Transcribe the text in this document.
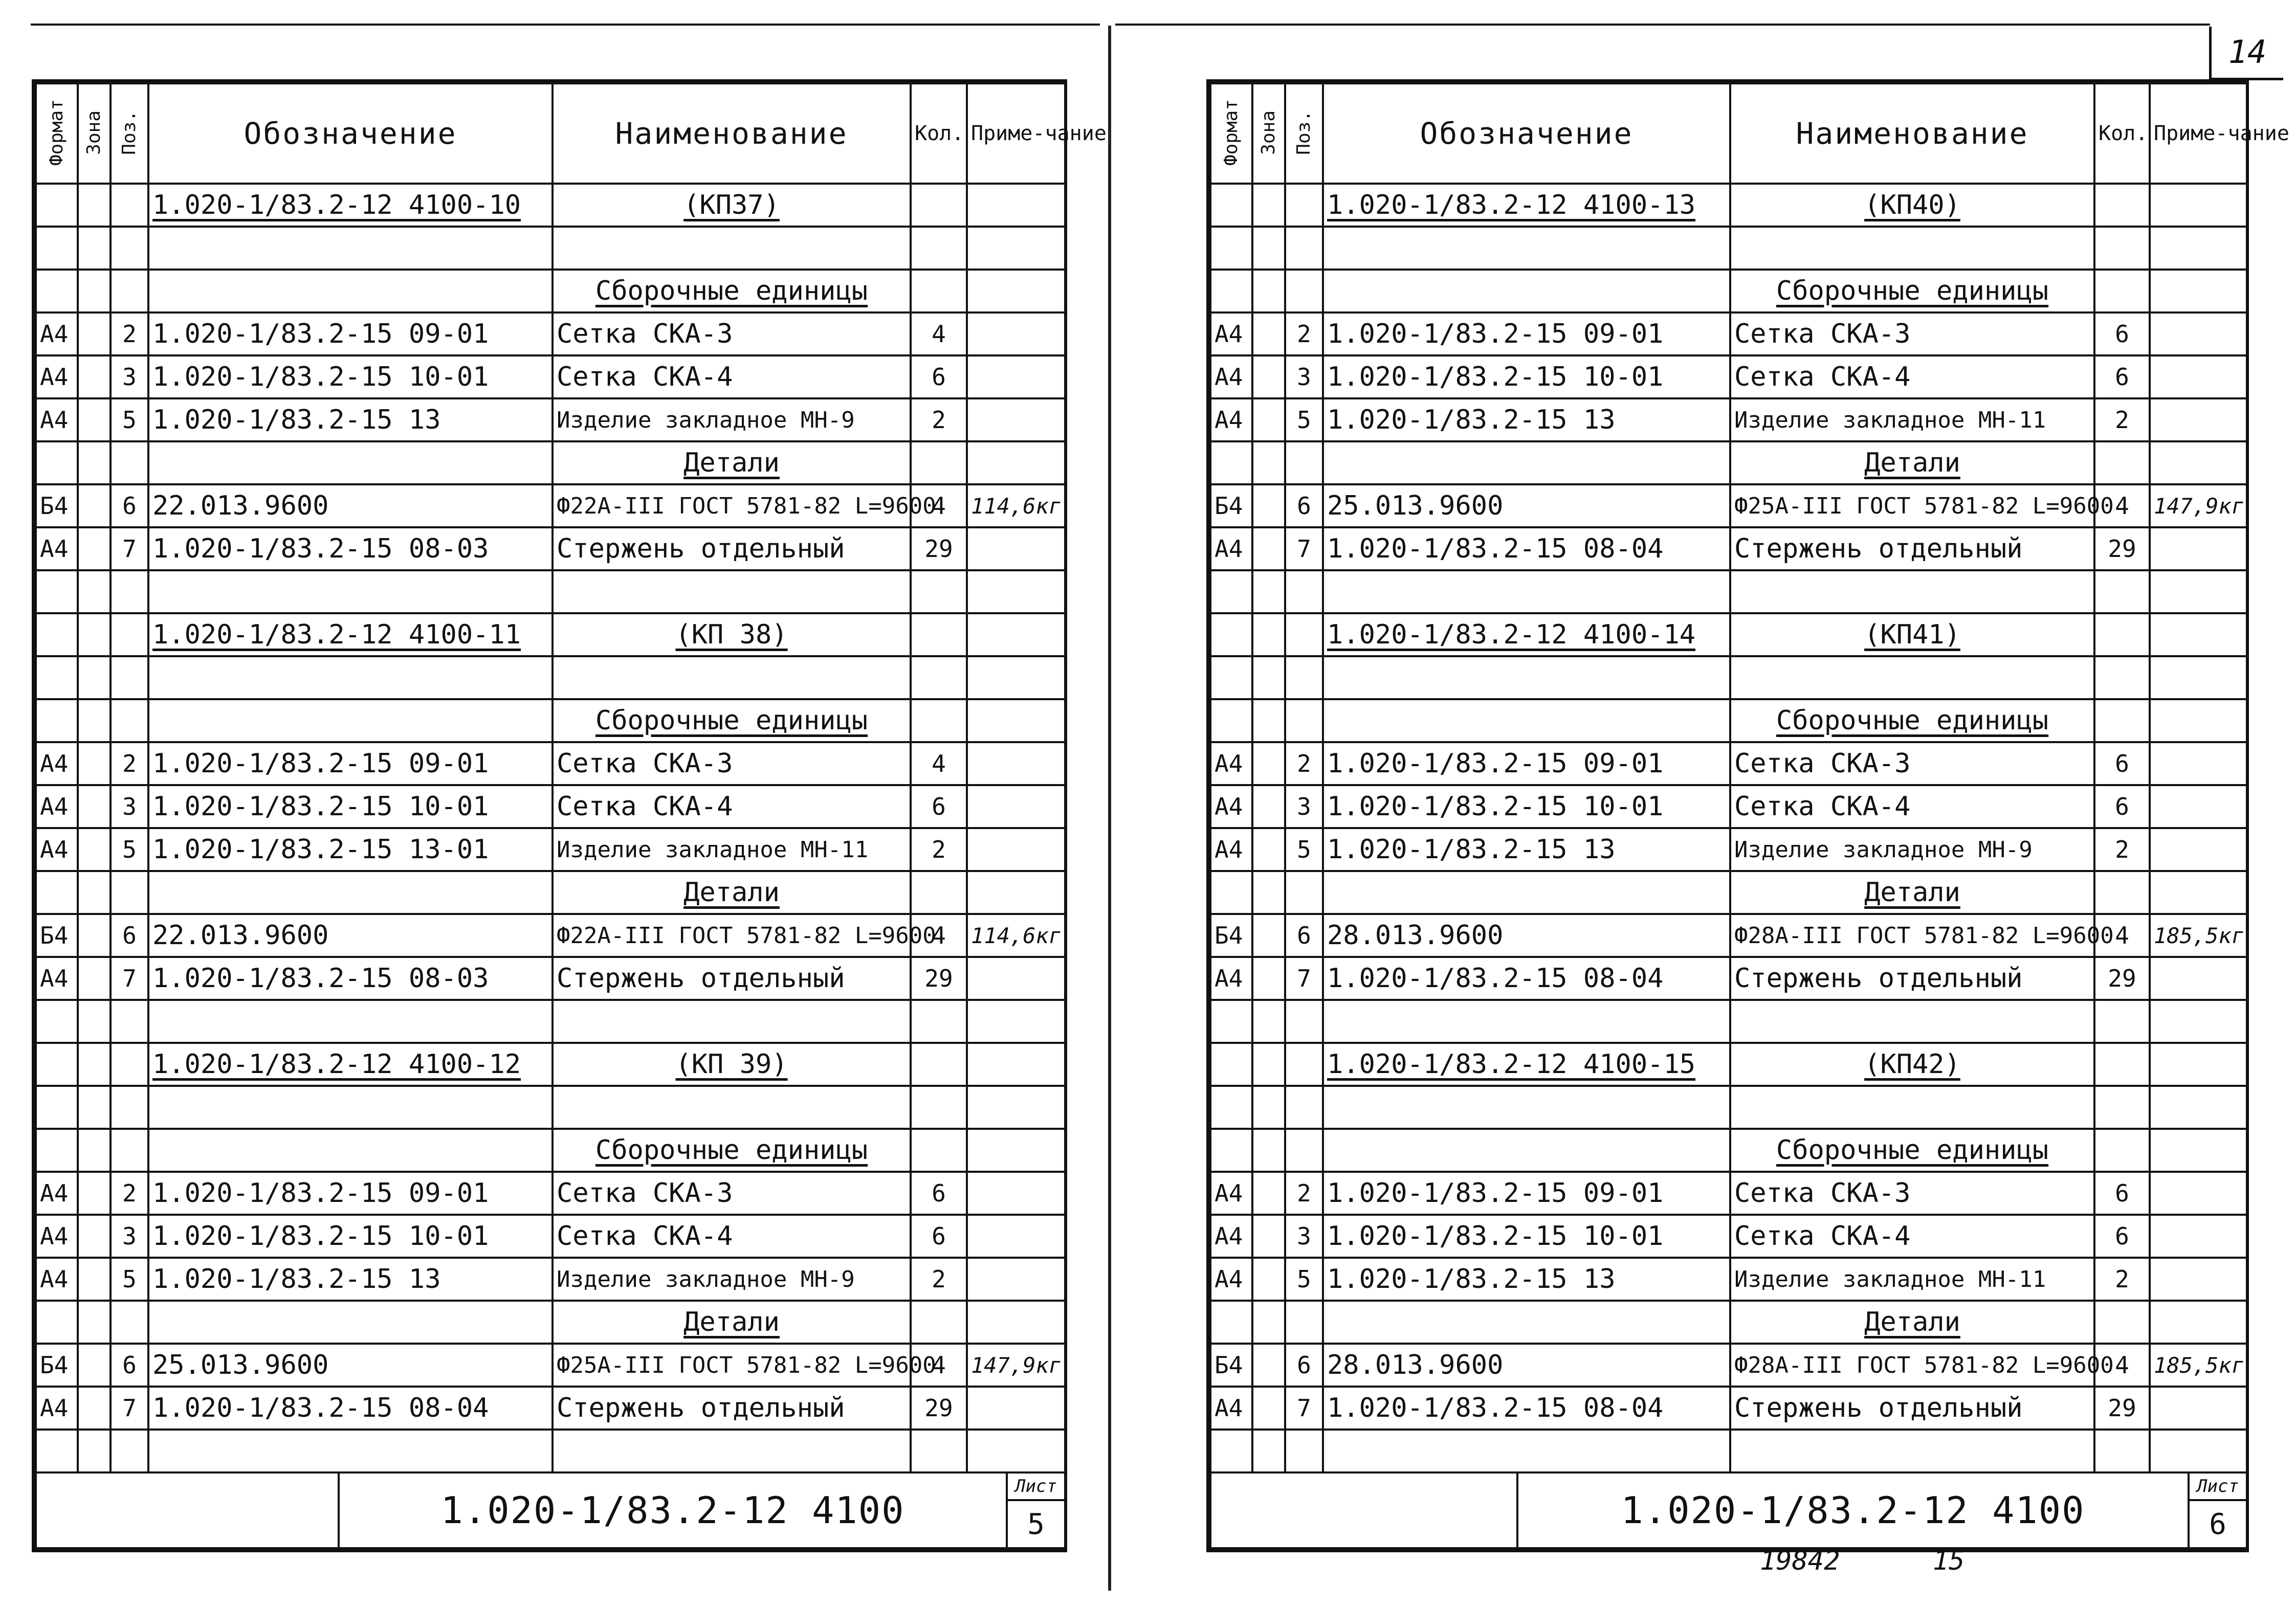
14
Формат	Зона	Поз.	Обозначение	Наименование	Кол.	Приме-чание

			1.020-1/83.2-12 4100-10	(КП37)		

				Сборочные единицы		
А4		2	1.020-1/83.2-15 09-01	Сетка СКА-3	4	
А4		3	1.020-1/83.2-15 10-01	Сетка СКА-4	6	
А4		5	1.020-1/83.2-15 13	Изделие закладное МН-9	2	
				Детали		
Б4		6	22.013.9600	Ф22А-III ГОСТ 5781-82 L=9600	4	114,6кг
А4		7	1.020-1/83.2-15 08-03	Стержень отдельный	29	

			1.020-1/83.2-12 4100-11	(КП 38)		

				Сборочные единицы		
А4		2	1.020-1/83.2-15 09-01	Сетка СКА-3	4	
А4		3	1.020-1/83.2-15 10-01	Сетка СКА-4	6	
А4		5	1.020-1/83.2-15 13-01	Изделие закладное МН-11	2	
				Детали		
Б4		6	22.013.9600	Ф22А-III ГОСТ 5781-82 L=9600	4	114,6кг
А4		7	1.020-1/83.2-15 08-03	Стержень отдельный	29	

			1.020-1/83.2-12 4100-12	(КП 39)		

				Сборочные единицы		
А4		2	1.020-1/83.2-15 09-01	Сетка СКА-3	6	
А4		3	1.020-1/83.2-15 10-01	Сетка СКА-4	6	
А4		5	1.020-1/83.2-15 13	Изделие закладное МН-9	2	
				Детали		
Б4		6	25.013.9600	Ф25А-III ГОСТ 5781-82 L=9600	4	147,9кг
А4		7	1.020-1/83.2-15 08-04	Стержень отдельный	29	

	1.020-1/83.2-12 4100	Лист
5
Формат	Зона	Поз.	Обозначение	Наименование	Кол.	Приме-чание

			1.020-1/83.2-12 4100-13	(КП40)		

				Сборочные единицы		
А4		2	1.020-1/83.2-15 09-01	Сетка СКА-3	6	
А4		3	1.020-1/83.2-15 10-01	Сетка СКА-4	6	
А4		5	1.020-1/83.2-15 13	Изделие закладное МН-11	2	
				Детали		
Б4		6	25.013.9600	Ф25А-III ГОСТ 5781-82 L=9600	4	147,9кг
А4		7	1.020-1/83.2-15 08-04	Стержень отдельный	29	

			1.020-1/83.2-12 4100-14	(КП41)		

				Сборочные единицы		
А4		2	1.020-1/83.2-15 09-01	Сетка СКА-3	6	
А4		3	1.020-1/83.2-15 10-01	Сетка СКА-4	6	
А4		5	1.020-1/83.2-15 13	Изделие закладное МН-9	2	
				Детали		
Б4		6	28.013.9600	Ф28А-III ГОСТ 5781-82 L=9600	4	185,5кг
А4		7	1.020-1/83.2-15 08-04	Стержень отдельный	29	

			1.020-1/83.2-12 4100-15	(КП42)		

				Сборочные единицы		
А4		2	1.020-1/83.2-15 09-01	Сетка СКА-3	6	
А4		3	1.020-1/83.2-15 10-01	Сетка СКА-4	6	
А4		5	1.020-1/83.2-15 13	Изделие закладное МН-11	2	
				Детали		
Б4		6	28.013.9600	Ф28А-III ГОСТ 5781-82 L=9600	4	185,5кг
А4		7	1.020-1/83.2-15 08-04	Стержень отдельный	29	

	1.020-1/83.2-12 4100	Лист
6
19842	15
